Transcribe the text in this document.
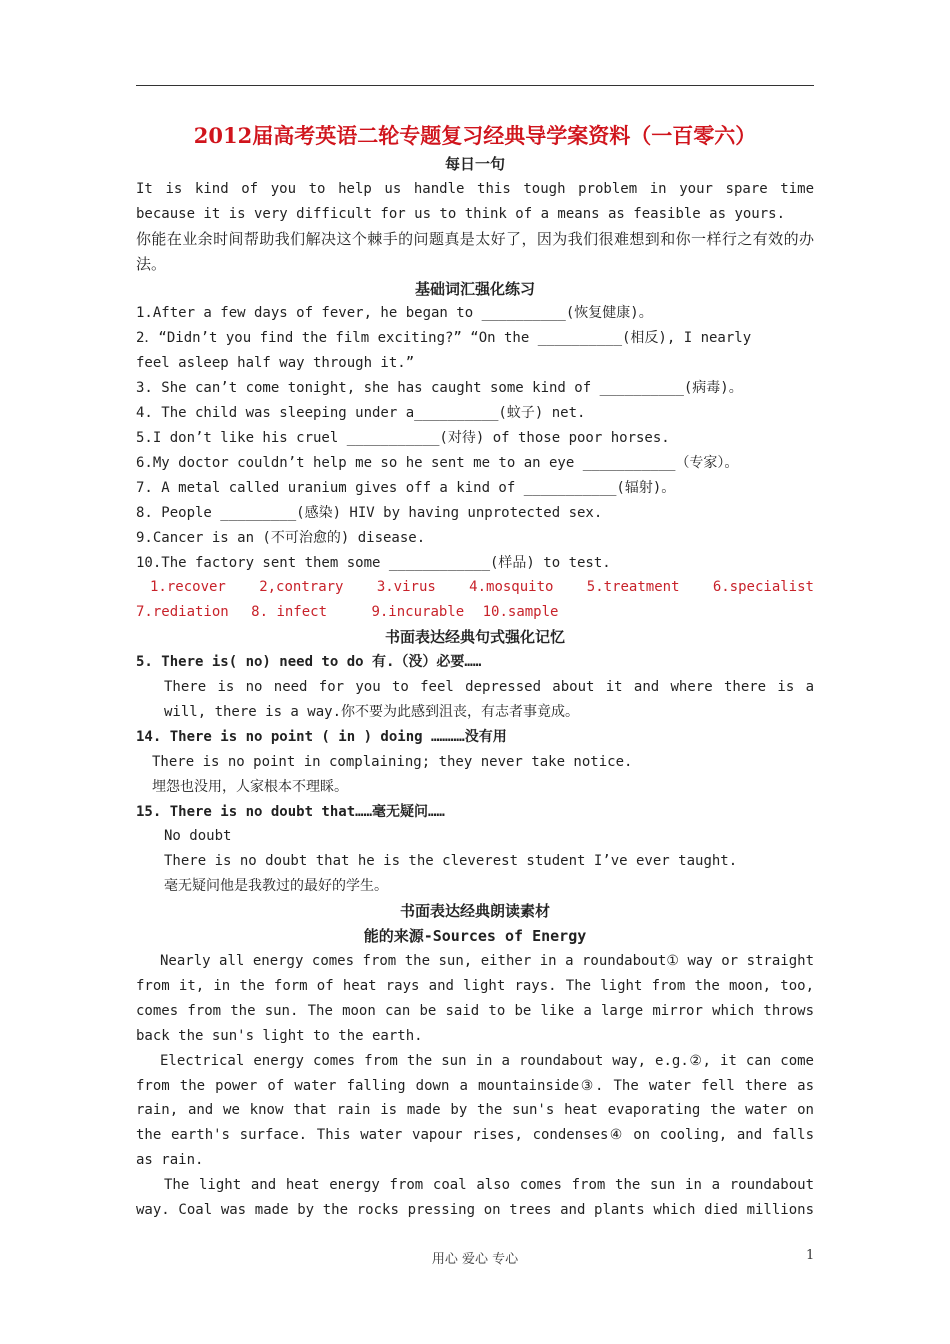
2012届高考英语二轮专题复习经典导学案资料（一百零六）
每日一句
It is kind of you to help us handle this tough problem in your spare time
because it is very difficult for us to think of a means as feasible as yours.
你能在业余时间帮助我们解决这个棘手的问题真是太好了，因为我们很难想到和你一样行之有效的办法。
基础词汇强化练习
1.After a few days of fever, he began to __________(恢复健康)。
2．“Didn’t you find the film exciting?” “On the __________(相反), I nearly
feel asleep half way through it.”
3. She can’t come tonight, she has caught some kind of __________(病毒)。
4. The child was sleeping under a__________(蚊子) net.
5.I don’t like his cruel ___________(对待) of those poor horses.
6.My doctor couldn’t help me so he sent me to an eye ___________（专家）。
7. A metal called uranium gives off a kind of ___________(辐射)。
8. People _________(感染) HIV by having unprotected sex.
9.Cancer is an (不可治愈的) disease.
10.The factory sent them some ____________(样品) to test.
1.recover 2,contrary 3.virus 4.mosquito 5.treatment 6.specialist
7.rediation 8. infect	9.incurable 10.sample
书面表达经典句式强化记忆
5. There is( no) need to do 有.（没）必要……
There is no need for you to feel depressed about it and where there is a
will, there is a way.你不要为此感到沮丧，有志者事竟成。
14. There is no point ( in ) doing …………没有用
There is no point in complaining; they never take notice.
埋怨也没用，人家根本不理睬。
15. There is no doubt that……毫无疑问……
No doubt
There is no doubt that he is the cleverest student I’ve ever taught.
毫无疑问他是我教过的最好的学生。
书面表达经典朗读素材
能的来源-Sources of Energy

Nearly all energy comes from the sun, either in a roundabout① way or straight from it, in the form of heat rays and light rays. The light from the moon, too, comes from the sun. The moon can be said to be like a large mirror which throws back the sun's light to the earth.

Electrical energy comes from the sun in a roundabout way, e.g.②, it can come from the power of water falling down a mountainside③. The water fell there as rain, and we know that rain is made by the sun's heat evaporating the water on the earth's surface. This water vapour rises, condenses④ on cooling, and falls as rain.

The light and heat energy from coal also comes from the sun in a roundabout way. Coal was made by the rocks pressing on trees and plants which died millions

用心 爱心 专心	1
